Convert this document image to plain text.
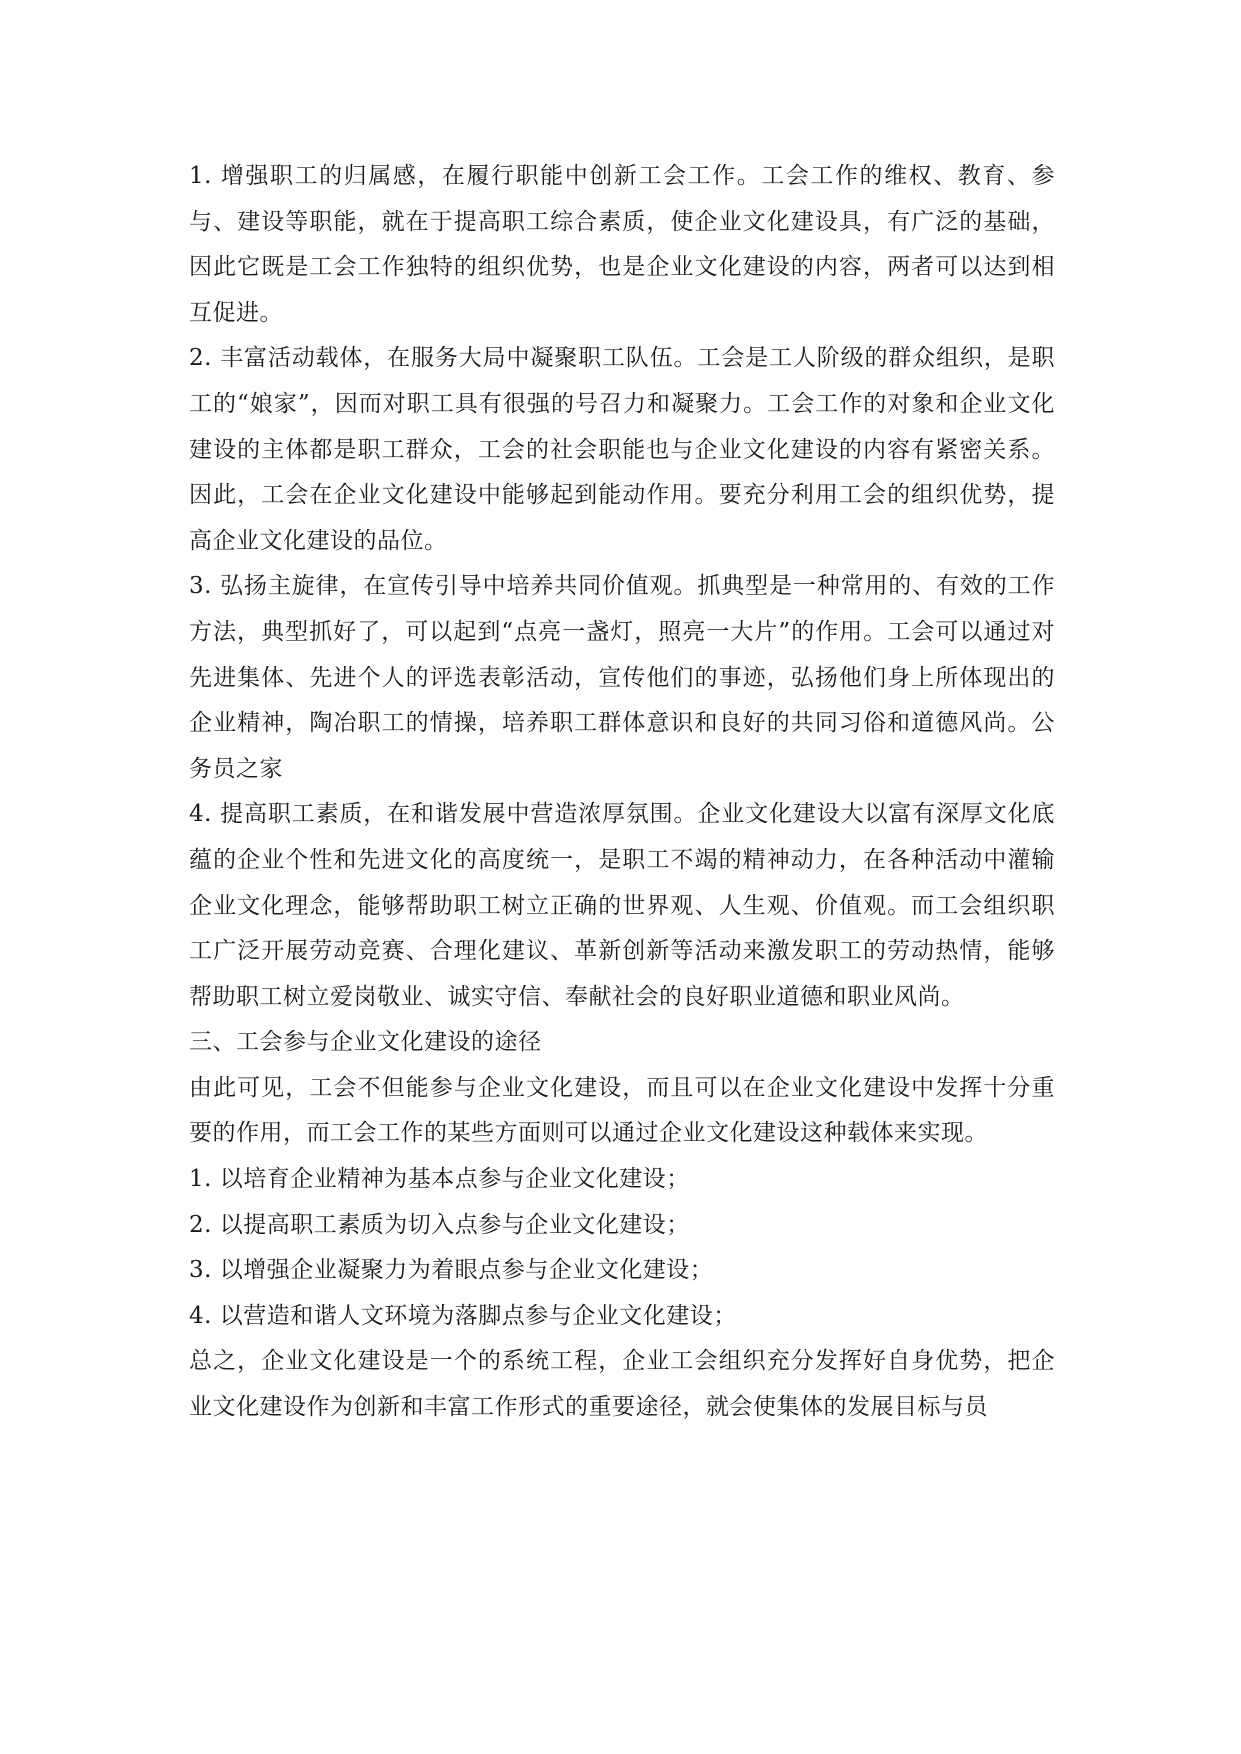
1. 增强职工的归属感，在履行职能中创新工会工作。工会工作的维权、教育、参与、建设等职能，就在于提高职工综合素质，使企业文化建设具，有广泛的基础，因此它既是工会工作独特的组织优势，也是企业文化建设的内容，两者可以达到相互促进。

2. 丰富活动载体，在服务大局中凝聚职工队伍。工会是工人阶级的群众组织，是职工的“娘家”，因而对职工具有很强的号召力和凝聚力。工会工作的对象和企业文化建设的主体都是职工群众，工会的社会职能也与企业文化建设的内容有紧密关系。因此，工会在企业文化建设中能够起到能动作用。要充分利用工会的组织优势，提高企业文化建设的品位。

3. 弘扬主旋律，在宣传引导中培养共同价值观。抓典型是一种常用的、有效的工作方法，典型抓好了，可以起到“点亮一盏灯，照亮一大片”的作用。工会可以通过对先进集体、先进个人的评选表彰活动，宣传他们的事迹，弘扬他们身上所体现出的企业精神，陶冶职工的情操，培养职工群体意识和良好的共同习俗和道德风尚。公务员之家

4. 提高职工素质，在和谐发展中营造浓厚氛围。企业文化建设大以富有深厚文化底蕴的企业个性和先进文化的高度统一，是职工不竭的精神动力，在各种活动中灌输企业文化理念，能够帮助职工树立正确的世界观、人生观、价值观。而工会组织职工广泛开展劳动竞赛、合理化建议、革新创新等活动来激发职工的劳动热情，能够帮助职工树立爱岗敬业、诚实守信、奉献社会的良好职业道德和职业风尚。

三、工会参与企业文化建设的途径

由此可见，工会不但能参与企业文化建设，而且可以在企业文化建设中发挥十分重要的作用，而工会工作的某些方面则可以通过企业文化建设这种载体来实现。

1. 以培育企业精神为基本点参与企业文化建设；

2. 以提高职工素质为切入点参与企业文化建设；

3. 以增强企业凝聚力为着眼点参与企业文化建设；

4. 以营造和谐人文环境为落脚点参与企业文化建设；

总之，企业文化建设是一个的系统工程，企业工会组织充分发挥好自身优势，把企业文化建设作为创新和丰富工作形式的重要途径，就会使集体的发展目标与员
